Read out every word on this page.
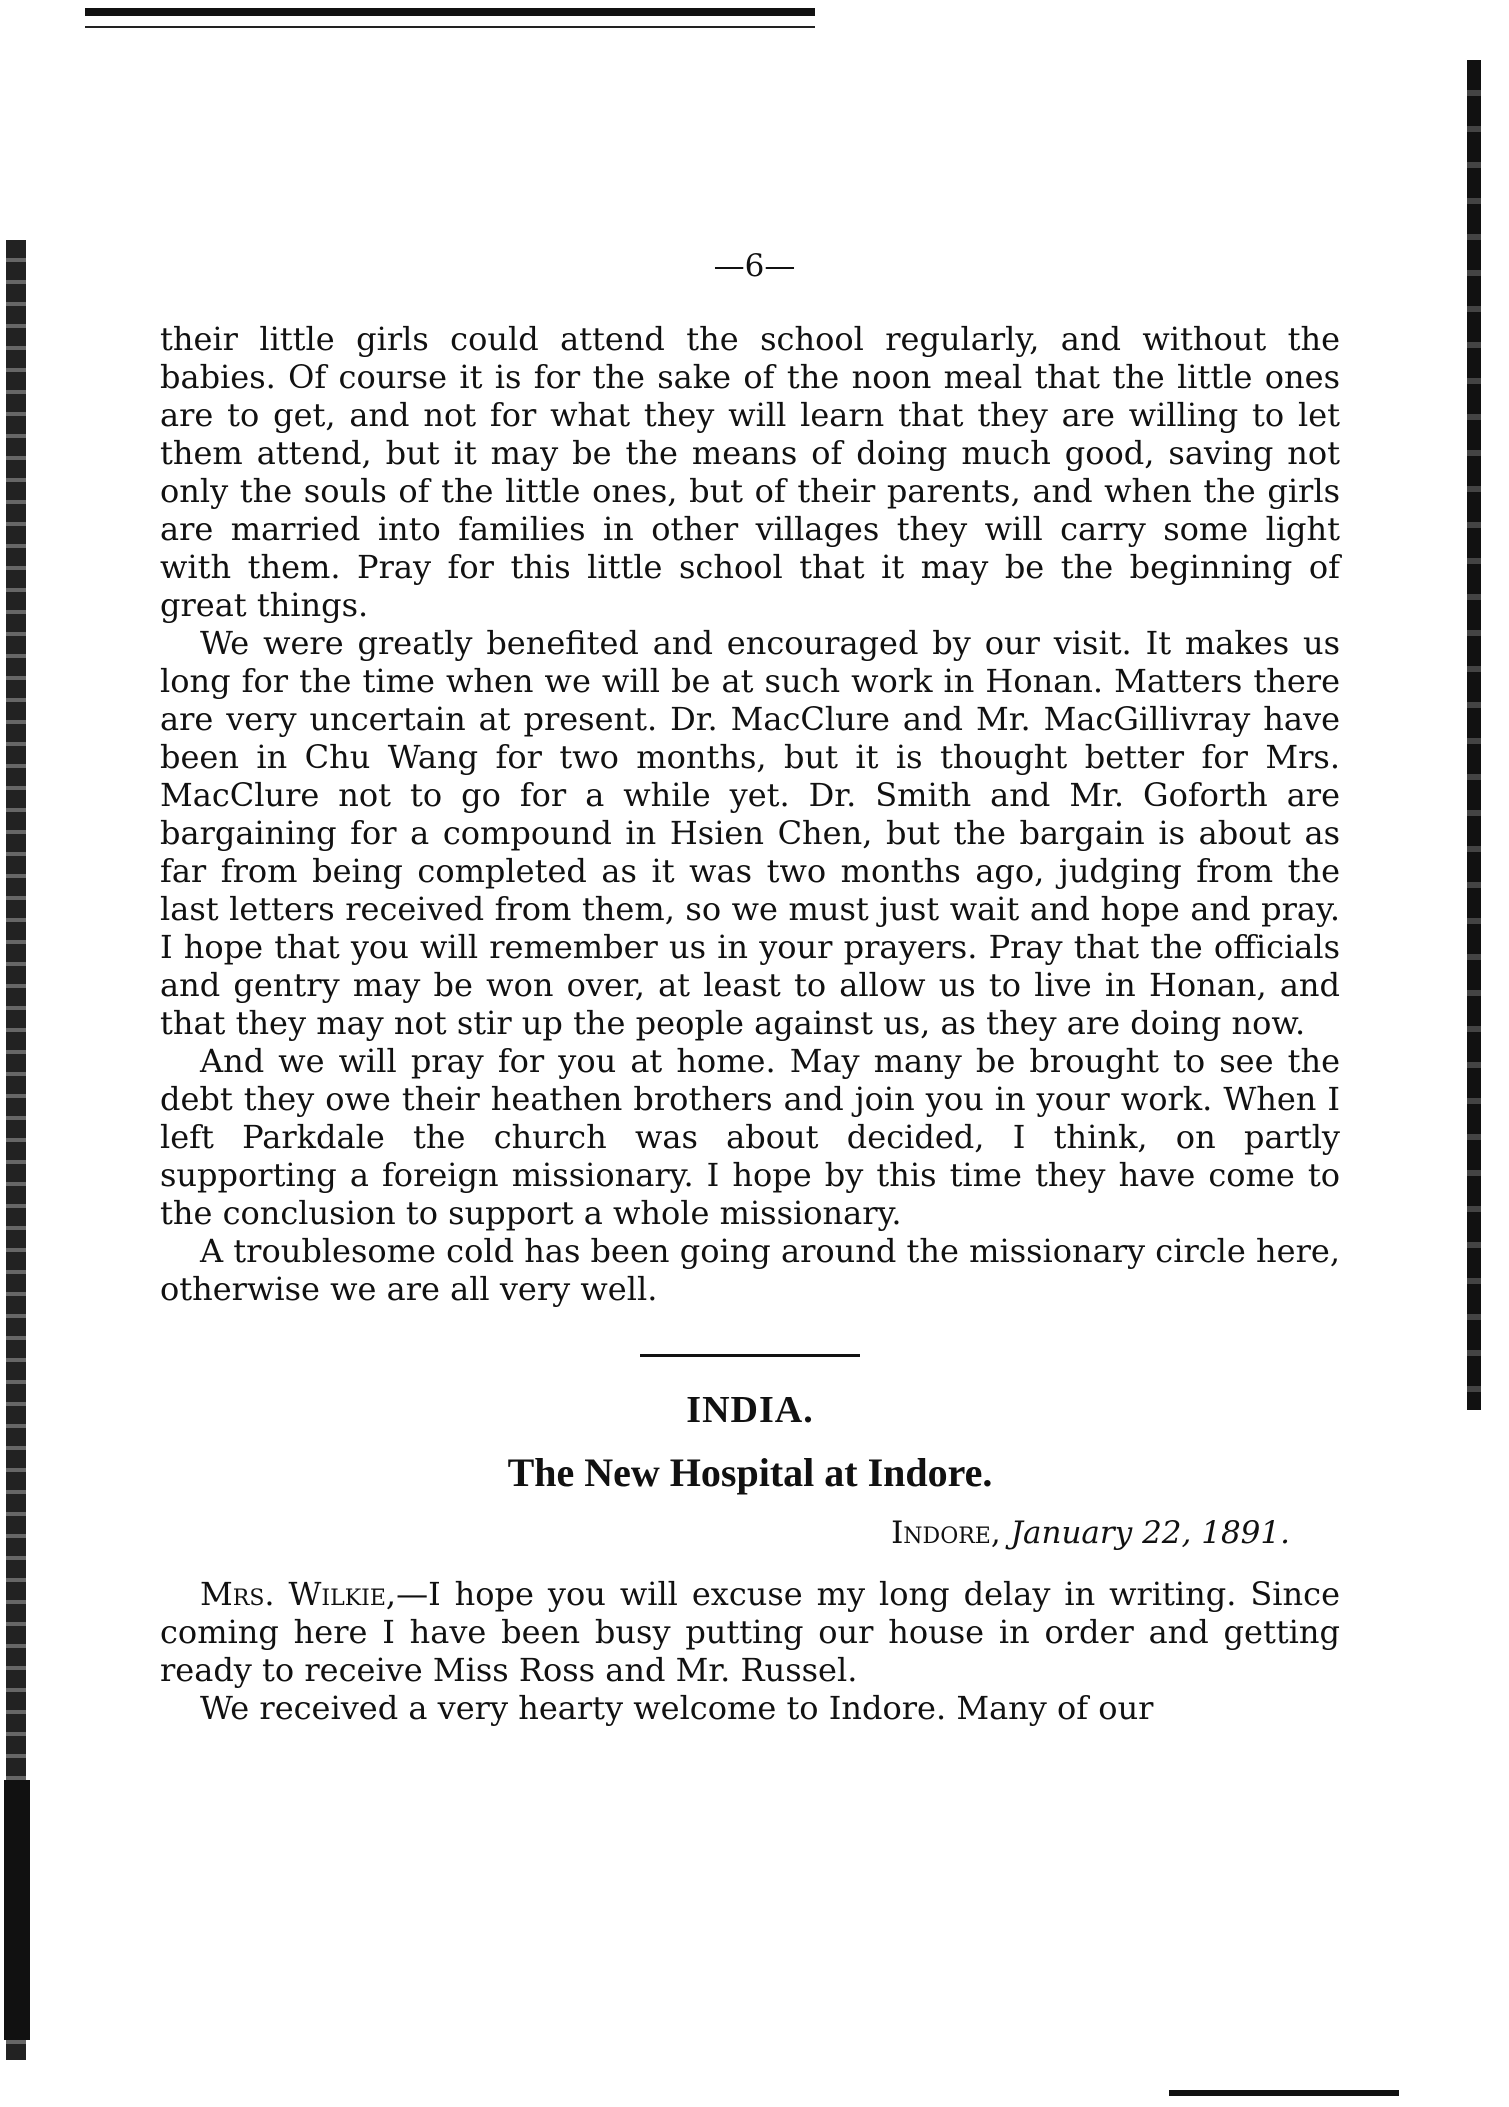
—6—

their little girls could attend the school regularly, and without the babies. Of course it is for the sake of the noon meal that the little ones are to get, and not for what they will learn that they are willing to let them attend, but it may be the means of doing much good, saving not only the souls of the little ones, but of their parents, and when the girls are married into families in other villages they will carry some light with them. Pray for this little school that it may be the beginning of great things.

We were greatly benefited and encouraged by our visit. It makes us long for the time when we will be at such work in Honan. Matters there are very uncertain at present. Dr. MacClure and Mr. MacGillivray have been in Chu Wang for two months, but it is thought better for Mrs. MacClure not to go for a while yet. Dr. Smith and Mr. Goforth are bargaining for a compound in Hsien Chen, but the bargain is about as far from being completed as it was two months ago, judging from the last letters received from them, so we must just wait and hope and pray. I hope that you will remember us in your prayers. Pray that the officials and gentry may be won over, at least to allow us to live in Honan, and that they may not stir up the people against us, as they are doing now.

And we will pray for you at home. May many be brought to see the debt they owe their heathen brothers and join you in your work. When I left Parkdale the church was about decided, I think, on partly supporting a foreign missionary. I hope by this time they have come to the conclusion to support a whole missionary.

A troublesome cold has been going around the missionary circle here, otherwise we are all very well.

INDIA.
The New Hospital at Indore.
Indore, January 22, 1891.

Mrs. Wilkie,—I hope you will excuse my long delay in writing. Since coming here I have been busy putting our house in order and getting ready to receive Miss Ross and Mr. Russel.

We received a very hearty welcome to Indore. Many of our
